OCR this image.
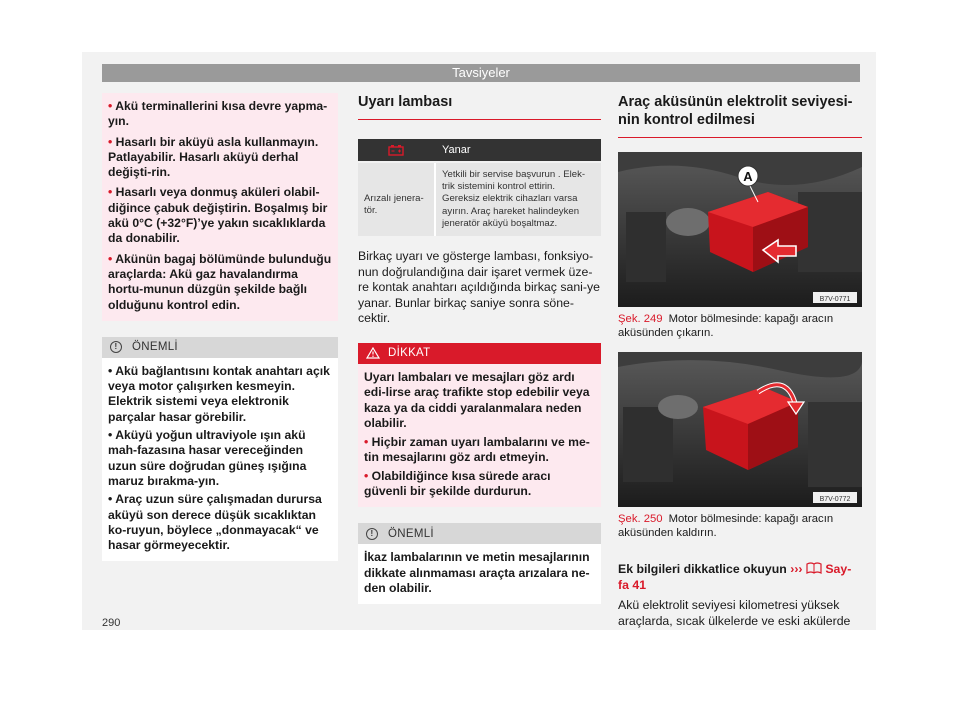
Tavsiyeler
• Akü terminallerini kısa devre yapma-yın.
• Hasarlı bir aküyü asla kullanmayın. Patlayabilir. Hasarlı aküyü derhal değişti-rin.
• Hasarlı veya donmuş aküleri olabil-diğince çabuk değiştirin. Boşalmış bir akü 0°C (+32°F)’ye yakın sıcaklıklarda da donabilir.
• Akünün bagaj bölümünde bulunduğu araçlarda: Akü gaz havalandırma hortu-munun düzgün şekilde bağlı olduğunu kontrol edin.
!	ÖNEMLİ
• Akü bağlantısını kontak anahtarı açık veya motor çalışırken kesmeyin. Elektrik sistemi veya elektronik parçalar hasar görebilir.
• Aküyü yoğun ultraviyole ışın akü mah-fazasına hasar vereceğinden uzun süre doğrudan güneş ışığına maruz bırakma-yın.
• Araç uzun süre çalışmadan durursa aküyü son derece düşük sıcaklıktan ko-ruyun, böylece „donmayacak“ ve hasar görmeyecektir.
Uyarı lambası
Yanar
Arızalı jenera-tör.
Yetkili bir servise başvurun . Elek-trik sistemini kontrol ettirin. Gereksiz elektrik cihazları varsa ayırın. Araç hareket halindeyken jeneratör aküyü boşaltmaz.

Birkaç uyarı ve gösterge lambası, fonksiyo-nun doğrulandığına dair işaret vermek üze-re kontak anahtarı açıldığında birkaç sani-ye yanar. Bunlar birkaç saniye sonra söne-cektir.

DİKKAT
Uyarı lambaları ve mesajları göz ardı edi-lirse araç trafikte stop edebilir veya kaza ya da ciddi yaralanmalara neden olabilir.
• Hiçbir zaman uyarı lambalarını ve me-tin mesajlarını göz ardı etmeyin.
• Olabildiğince kısa sürede aracı güvenli bir şekilde durdurun.
!	ÖNEMLİ
İkaz lambalarının ve metin mesajlarının dikkate alınmaması araçta arızalara ne-den olabilir.
Araç aküsünün elektrolit seviyesi-nin kontrol edilmesi
A
B7V-0771
Şek. 249 Motor bölmesinde: kapağı aracın aküsünden çıkarın.
B7V-0772
Şek. 250 Motor bölmesinde: kapağı aracın aküsünden kaldırın.
Ek bilgileri dikkatlice okuyun ››› Say-fa 41

Akü elektrolit seviyesi kilometresi yüksek araçlarda, sıcak ülkelerde ve eski akülerde

290
